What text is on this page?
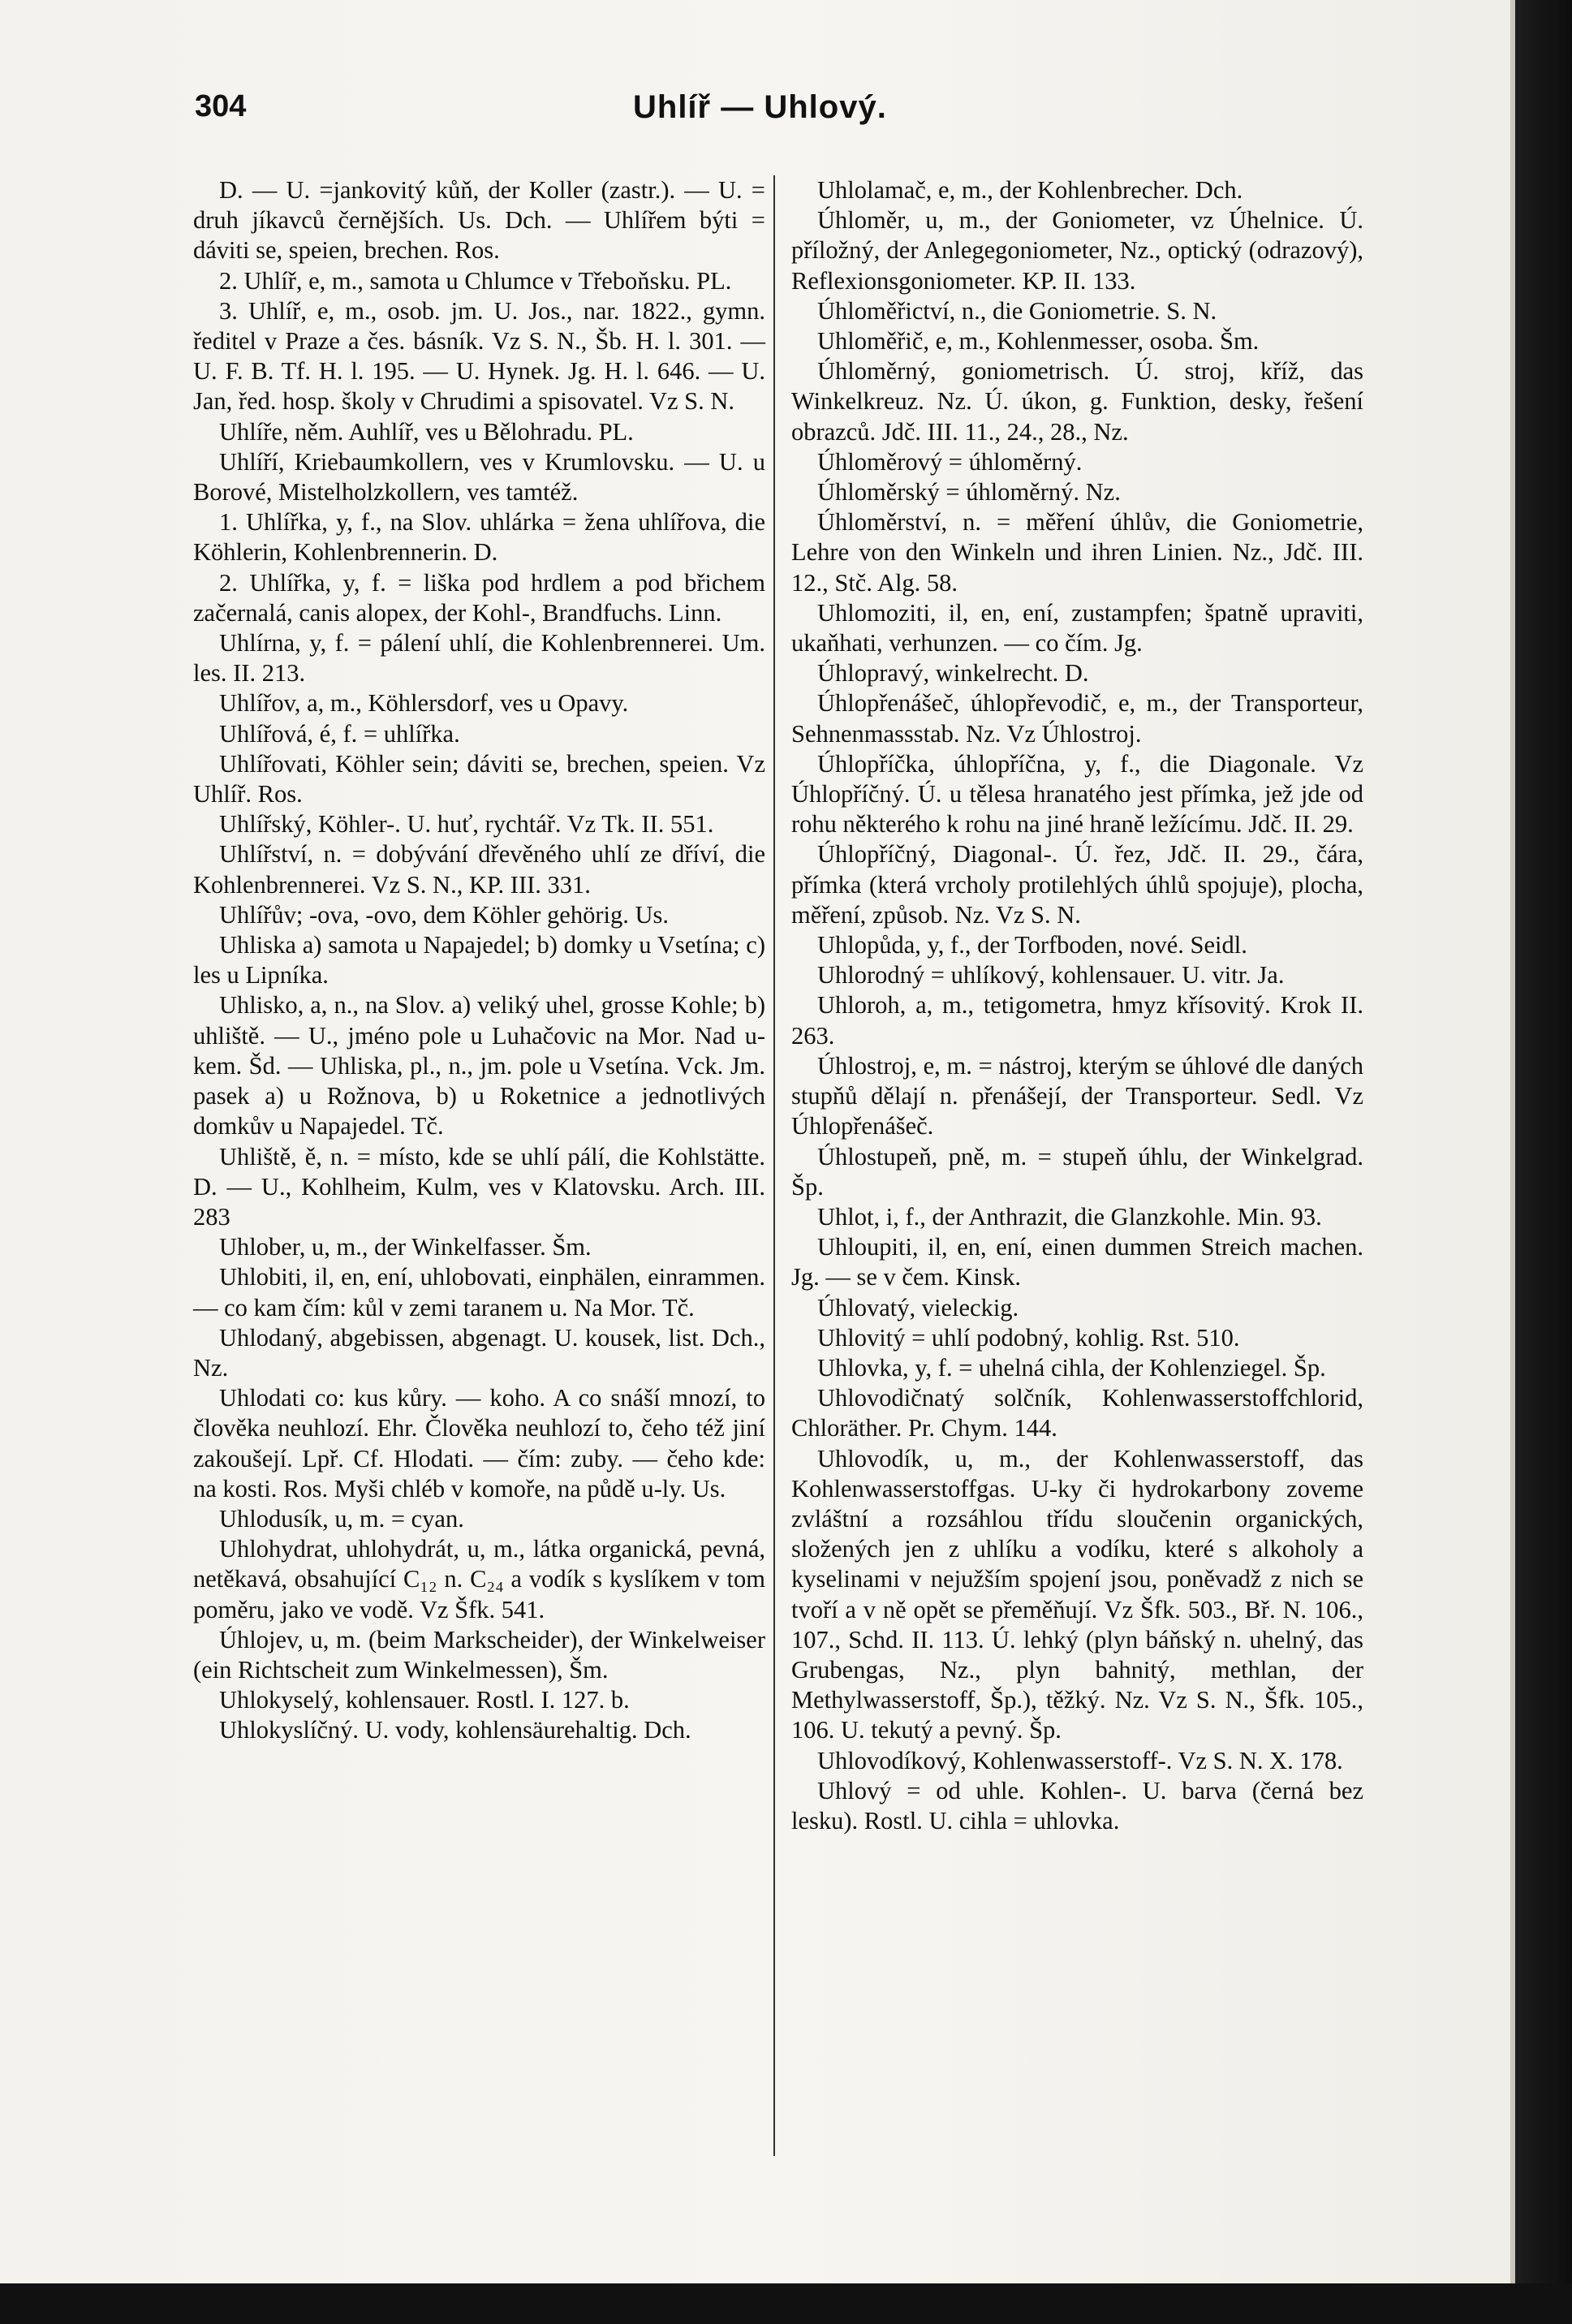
304	Uhlíř — Uhlový.

D. — U. =jankovitý kůň, der Koller (zastr.). — U. = druh jíkavců černějších. Us. Dch. — Uhlířem býti = dáviti se, speien, brechen. Ros.

2. Uhlíř, e, m., samota u Chlumce v Třeboňsku. PL.

3. Uhlíř, e, m., osob. jm. U. Jos., nar. 1822., gymn. ředitel v Praze a čes. básník. Vz S. N., Šb. H. l. 301. — U. F. B. Tf. H. l. 195. — U. Hynek. Jg. H. l. 646. — U. Jan, řed. hosp. školy v Chrudimi a spisovatel. Vz S. N.

Uhlíře, něm. Auhlíř, ves u Bělohradu. PL.

Uhlíří, Kriebaumkollern, ves v Krumlovsku. — U. u Borové, Mistelholzkollern, ves tamtéž.

1. Uhlířka, y, f., na Slov. uhlárka = žena uhlířova, die Köhlerin, Kohlenbrennerin. D.

2. Uhlířka, y, f. = liška pod hrdlem a pod břichem začernalá, canis alopex, der Kohl-, Brandfuchs. Linn.

Uhlírna, y, f. = pálení uhlí, die Kohlenbrennerei. Um. les. II. 213.

Uhlířov, a, m., Köhlersdorf, ves u Opavy.

Uhlířová, é, f. = uhlířka.

Uhlířovati, Köhler sein; dáviti se, brechen, speien. Vz Uhlíř. Ros.

Uhlířský, Köhler-. U. huť, rychtář. Vz Tk. II. 551.

Uhlířství, n. = dobývání dřevěného uhlí ze dříví, die Kohlenbrennerei. Vz S. N., KP. III. 331.

Uhlířův; -ova, -ovo, dem Köhler gehörig. Us.

Uhliska a) samota u Napajedel; b) domky u Vsetína; c) les u Lipníka.

Uhlisko, a, n., na Slov. a) veliký uhel, grosse Kohle; b) uhliště. — U., jméno pole u Luhačovic na Mor. Nad u-kem. Šd. — Uhliska, pl., n., jm. pole u Vsetína. Vck. Jm. pasek a) u Rožnova, b) u Roketnice a jednotlivých domkův u Napajedel. Tč.

Uhliště, ě, n. = místo, kde se uhlí pálí, die Kohlstätte. D. — U., Kohlheim, Kulm, ves v Klatovsku. Arch. III. 283

Uhlober, u, m., der Winkelfasser. Šm.

Uhlobiti, il, en, ení, uhlobovati, einphälen, einrammen. — co kam čím: kůl v zemi taranem u. Na Mor. Tč.

Uhlodaný, abgebissen, abgenagt. U. kousek, list. Dch., Nz.

Uhlodati co: kus kůry. — koho. A co snáší mnozí, to člověka neuhlozí. Ehr. Člověka neuhlozí to, čeho též jiní zakoušejí. Lpř. Cf. Hlodati. — čím: zuby. — čeho kde: na kosti. Ros. Myši chléb v komoře, na půdě u-ly. Us.

Uhlodusík, u, m. = cyan.

Uhlohydrat, uhlohydrát, u, m., látka organická, pevná, netěkavá, obsahující C₁₂ n. C₂₄ a vodík s kyslíkem v tom poměru, jako ve vodě. Vz Šfk. 541.

Úhlojev, u, m. (beim Markscheider), der Winkelweiser (ein Richtscheit zum Winkelmessen), Šm.

Uhlokyselý, kohlensauer. Rostl. I. 127. b.

Uhlokyslíčný. U. vody, kohlensäurehaltig. Dch.

Uhlolamač, e, m., der Kohlenbrecher. Dch.

Úhloměr, u, m., der Goniometer, vz Úhelnice. Ú. příložný, der Anlegegoniometer, Nz., optický (odrazový), Reflexionsgoniometer. KP. II. 133.

Úhloměřictví, n., die Goniometrie. S. N.

Uhloměřič, e, m., Kohlenmesser, osoba. Šm.

Úhloměrný, goniometrisch. Ú. stroj, kříž, das Winkelkreuz. Nz. Ú. úkon, g. Funktion, desky, řešení obrazců. Jdč. III. 11., 24., 28., Nz.

Úhloměrový = úhloměrný.

Úhloměrský = úhloměrný. Nz.

Úhloměrství, n. = měření úhlův, die Goniometrie, Lehre von den Winkeln und ihren Linien. Nz., Jdč. III. 12., Stč. Alg. 58.

Uhlomoziti, il, en, ení, zustampfen; špatně upraviti, ukaňhati, verhunzen. — co čím. Jg.

Úhlopravý, winkelrecht. D.

Úhlopřenášeč, úhlopřevodič, e, m., der Transporteur, Sehnenmassstab. Nz. Vz Úhlostroj.

Úhlopříčka, úhlopříčna, y, f., die Diagonale. Vz Úhlopříčný. Ú. u tělesa hranatého jest přímka, jež jde od rohu některého k rohu na jiné hraně ležícímu. Jdč. II. 29.

Úhlopříčný, Diagonal-. Ú. řez, Jdč. II. 29., čára, přímka (která vrcholy protilehlých úhlů spojuje), plocha, měření, způsob. Nz. Vz S. N.

Uhlopůda, y, f., der Torfboden, nové. Seidl.

Uhlorodný = uhlíkový, kohlensauer. U. vitr. Ja.

Uhloroh, a, m., tetigometra, hmyz křísovitý. Krok II. 263.

Úhlostroj, e, m. = nástroj, kterým se úhlové dle daných stupňů dělají n. přenášejí, der Transporteur. Sedl. Vz Úhlopřenášeč.

Úhlostupeň, pně, m. = stupeň úhlu, der Winkelgrad. Šp.

Uhlot, i, f., der Anthrazit, die Glanzkohle. Min. 93.

Uhloupiti, il, en, ení, einen dummen Streich machen. Jg. — se v čem. Kinsk.

Úhlovatý, vieleckig.

Uhlovitý = uhlí podobný, kohlig. Rst. 510.

Uhlovka, y, f. = uhelná cihla, der Kohlenziegel. Šp.

Uhlovodičnatý solčník, Kohlenwasserstoffchlorid, Chloräther. Pr. Chym. 144.

Uhlovodík, u, m., der Kohlenwasserstoff, das Kohlenwasserstoffgas. U-ky či hydrokarbony zoveme zvláštní a rozsáhlou třídu sloučenin organických, složených jen z uhlíku a vodíku, které s alkoholy a kyselinami v nejužším spojení jsou, poněvadž z nich se tvoří a v ně opět se přeměňují. Vz Šfk. 503., Bř. N. 106., 107., Schd. II. 113. Ú. lehký (plyn báňský n. uhelný, das Grubengas, Nz., plyn bahnitý, methlan, der Methylwasserstoff, Šp.), těžký. Nz. Vz S. N., Šfk. 105., 106. U. tekutý a pevný. Šp.

Uhlovodíkový, Kohlenwasserstoff-. Vz S. N. X. 178.

Uhlový = od uhle. Kohlen-. U. barva (černá bez lesku). Rostl. U. cihla = uhlovka.
